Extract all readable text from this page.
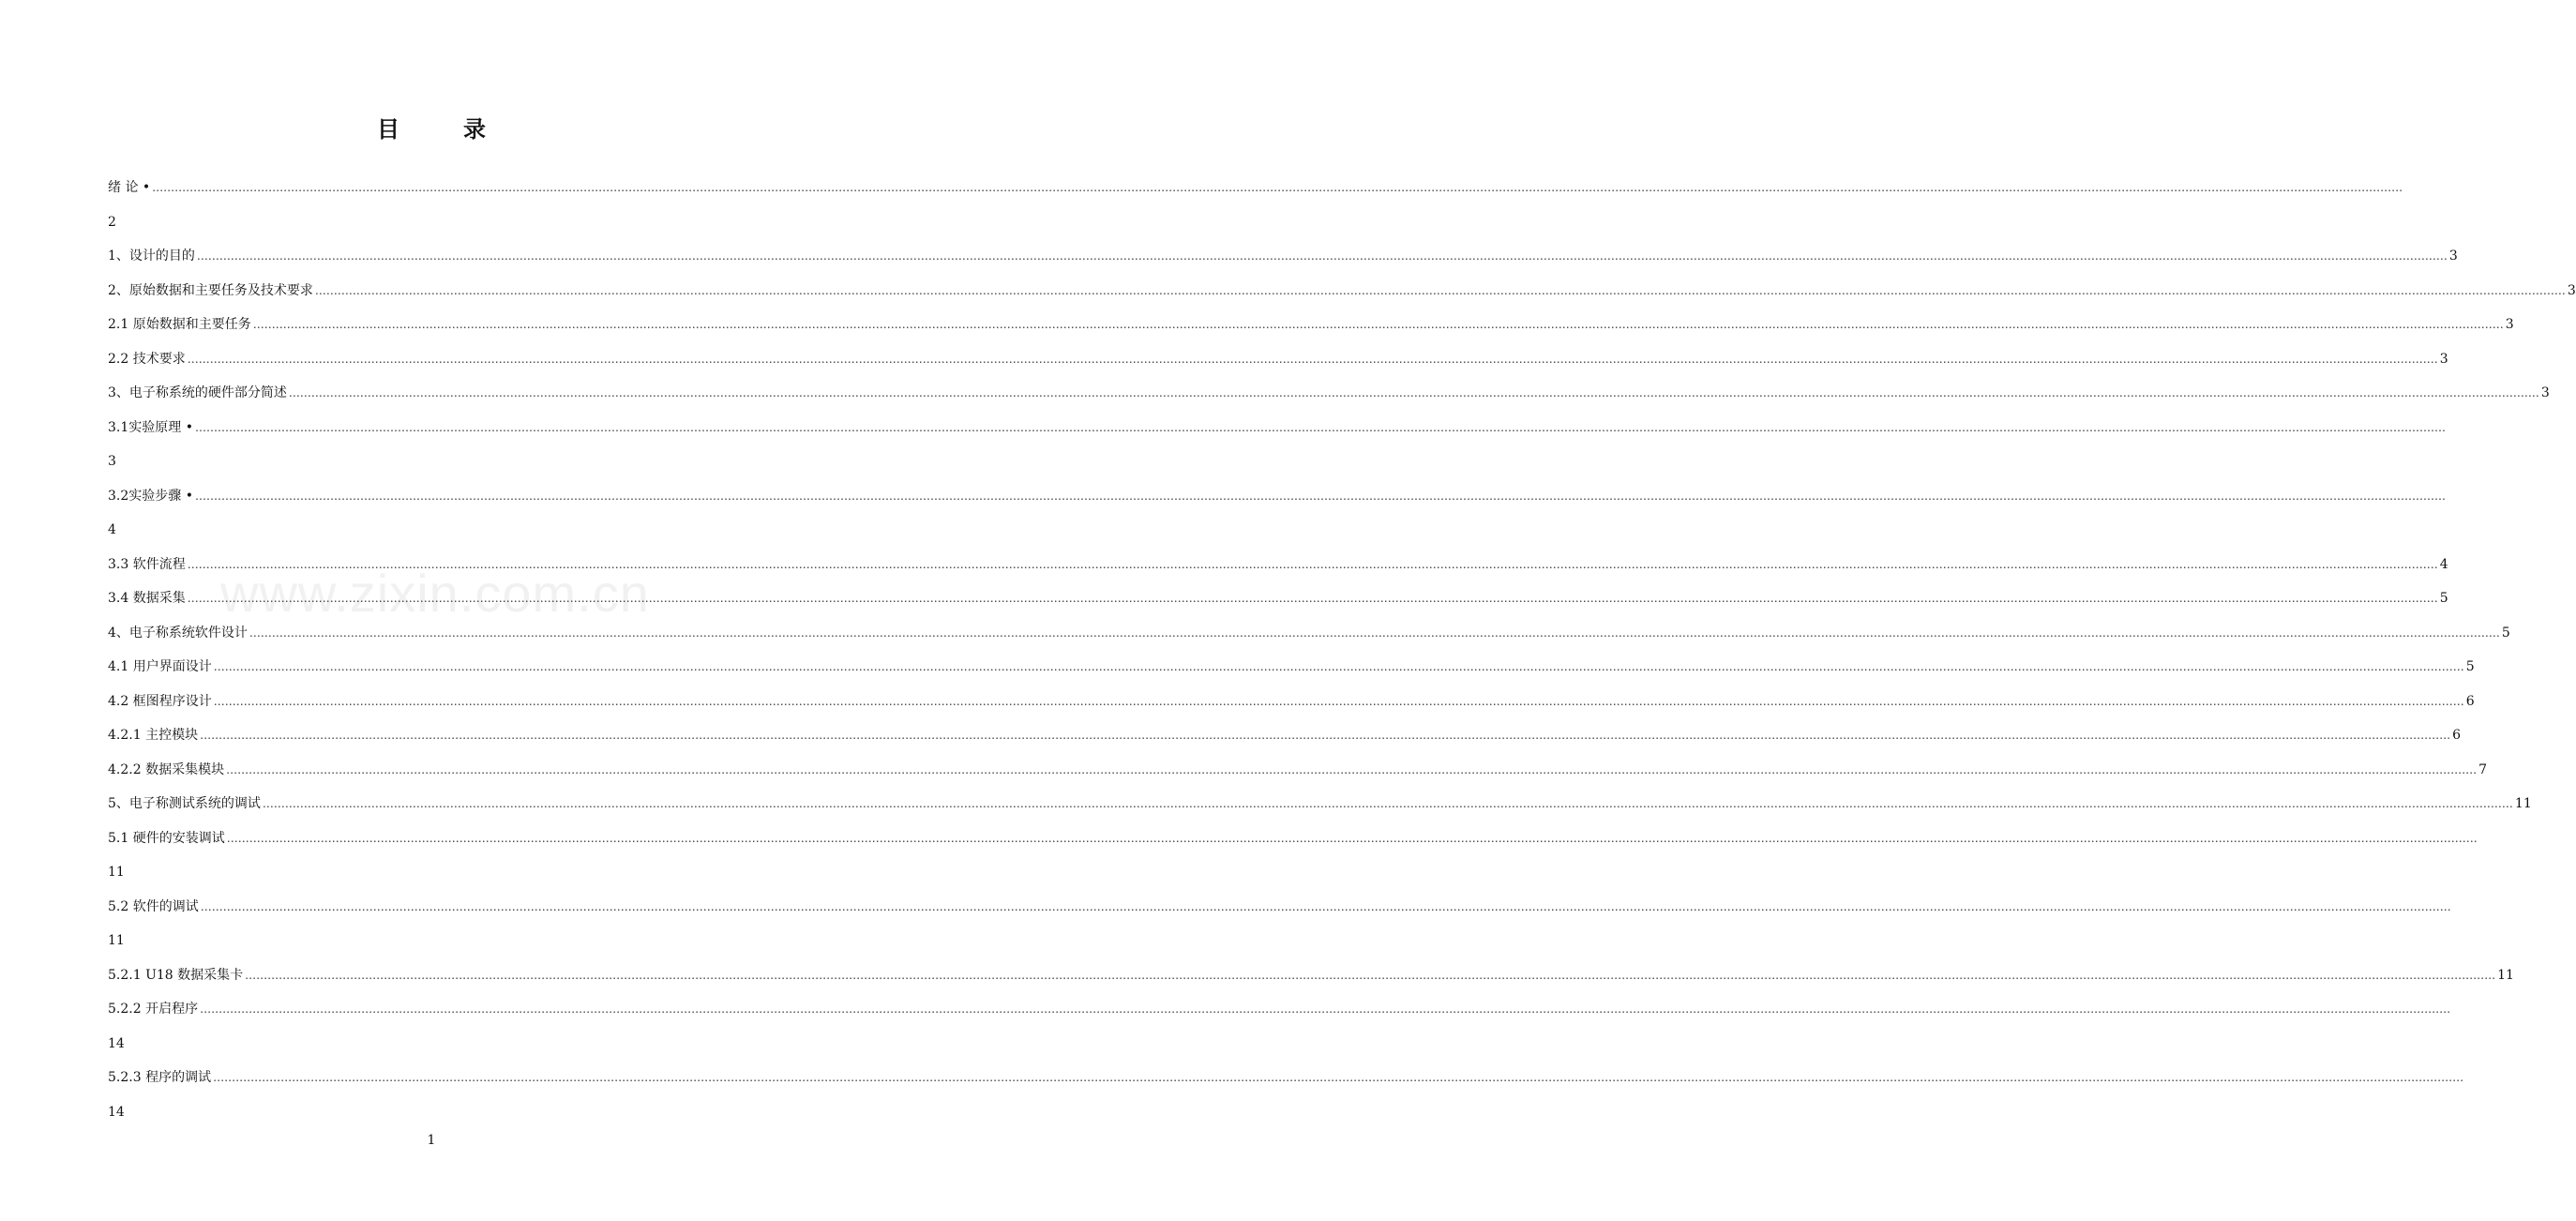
目　录
www.zixin.com.cn
绪 论 • ……………………………………………………………………………………………………………………………………………………………………………………………………………………………………………………………………………………………………………………………………………………………………………………………………………………………………………………………………………………………………………………………………………………
2
1、设计的目的 …………………………………………………………………………………………………………………………………………………………………………………………………………………………………………………………………………………………………………………………………………………………………………………………………………………………………………………………………………………………………………………………………………………… 3
2、原始数据和主要任务及技术要求 …………………………………………………………………………………………………………………………………………………………………………………………………………………………………………………………………………………………………………………………………………………………………………………………………………………………………………………………………………………………………………………………………………………… 3
2.1 原始数据和主要任务 …………………………………………………………………………………………………………………………………………………………………………………………………………………………………………………………………………………………………………………………………………………………………………………………………………………………………………………………………………………………………………………………………………………… 3
2.2 技术要求 …………………………………………………………………………………………………………………………………………………………………………………………………………………………………………………………………………………………………………………………………………………………………………………………………………………………………………………………………………………………………………………………………………………… 3
3、电子称系统的硬件部分简述 …………………………………………………………………………………………………………………………………………………………………………………………………………………………………………………………………………………………………………………………………………………………………………………………………………………………………………………………………………………………………………………………………………………… 3
3.1实验原理 • ……………………………………………………………………………………………………………………………………………………………………………………………………………………………………………………………………………………………………………………………………………………………………………………………………………………………………………………………………………………………………………………………………………………
3
3.2实验步骤 • ……………………………………………………………………………………………………………………………………………………………………………………………………………………………………………………………………………………………………………………………………………………………………………………………………………………………………………………………………………………………………………………………………………………
4
3.3 软件流程 …………………………………………………………………………………………………………………………………………………………………………………………………………………………………………………………………………………………………………………………………………………………………………………………………………………………………………………………………………………………………………………………………………………… 4
3.4 数据采集 …………………………………………………………………………………………………………………………………………………………………………………………………………………………………………………………………………………………………………………………………………………………………………………………………………………………………………………………………………………………………………………………………………………… 5
4、电子称系统软件设计 …………………………………………………………………………………………………………………………………………………………………………………………………………………………………………………………………………………………………………………………………………………………………………………………………………………………………………………………………………………………………………………………………………………… 5
4.1 用户界面设计 …………………………………………………………………………………………………………………………………………………………………………………………………………………………………………………………………………………………………………………………………………………………………………………………………………………………………………………………………………………………………………………………………………………… 5
4.2 框图程序设计 …………………………………………………………………………………………………………………………………………………………………………………………………………………………………………………………………………………………………………………………………………………………………………………………………………………………………………………………………………………………………………………………………………………… 6
4.2.1 主控模块 …………………………………………………………………………………………………………………………………………………………………………………………………………………………………………………………………………………………………………………………………………………………………………………………………………………………………………………………………………………………………………………………………………………… 6
4.2.2 数据采集模块 …………………………………………………………………………………………………………………………………………………………………………………………………………………………………………………………………………………………………………………………………………………………………………………………………………………………………………………………………………………………………………………………………………………… 7
5、电子称测试系统的调试 …………………………………………………………………………………………………………………………………………………………………………………………………………………………………………………………………………………………………………………………………………………………………………………………………………………………………………………………………………………………………………………………………………………… 11
5.1 硬件的安装调试 ……………………………………………………………………………………………………………………………………………………………………………………………………………………………………………………………………………………………………………………………………………………………………………………………………………………………………………………………………………………………………………………………………………………
11
5.2 软件的调试 ……………………………………………………………………………………………………………………………………………………………………………………………………………………………………………………………………………………………………………………………………………………………………………………………………………………………………………………………………………………………………………………………………………………
11
5.2.1 U18 数据采集卡 …………………………………………………………………………………………………………………………………………………………………………………………………………………………………………………………………………………………………………………………………………………………………………………………………………………………………………………………………………………………………………………………………………………… 11
5.2.2 开启程序 ……………………………………………………………………………………………………………………………………………………………………………………………………………………………………………………………………………………………………………………………………………………………………………………………………………………………………………………………………………………………………………………………………………………
14
5.2.3 程序的调试 ……………………………………………………………………………………………………………………………………………………………………………………………………………………………………………………………………………………………………………………………………………………………………………………………………………………………………………………………………………………………………………………………………………………
14
1
